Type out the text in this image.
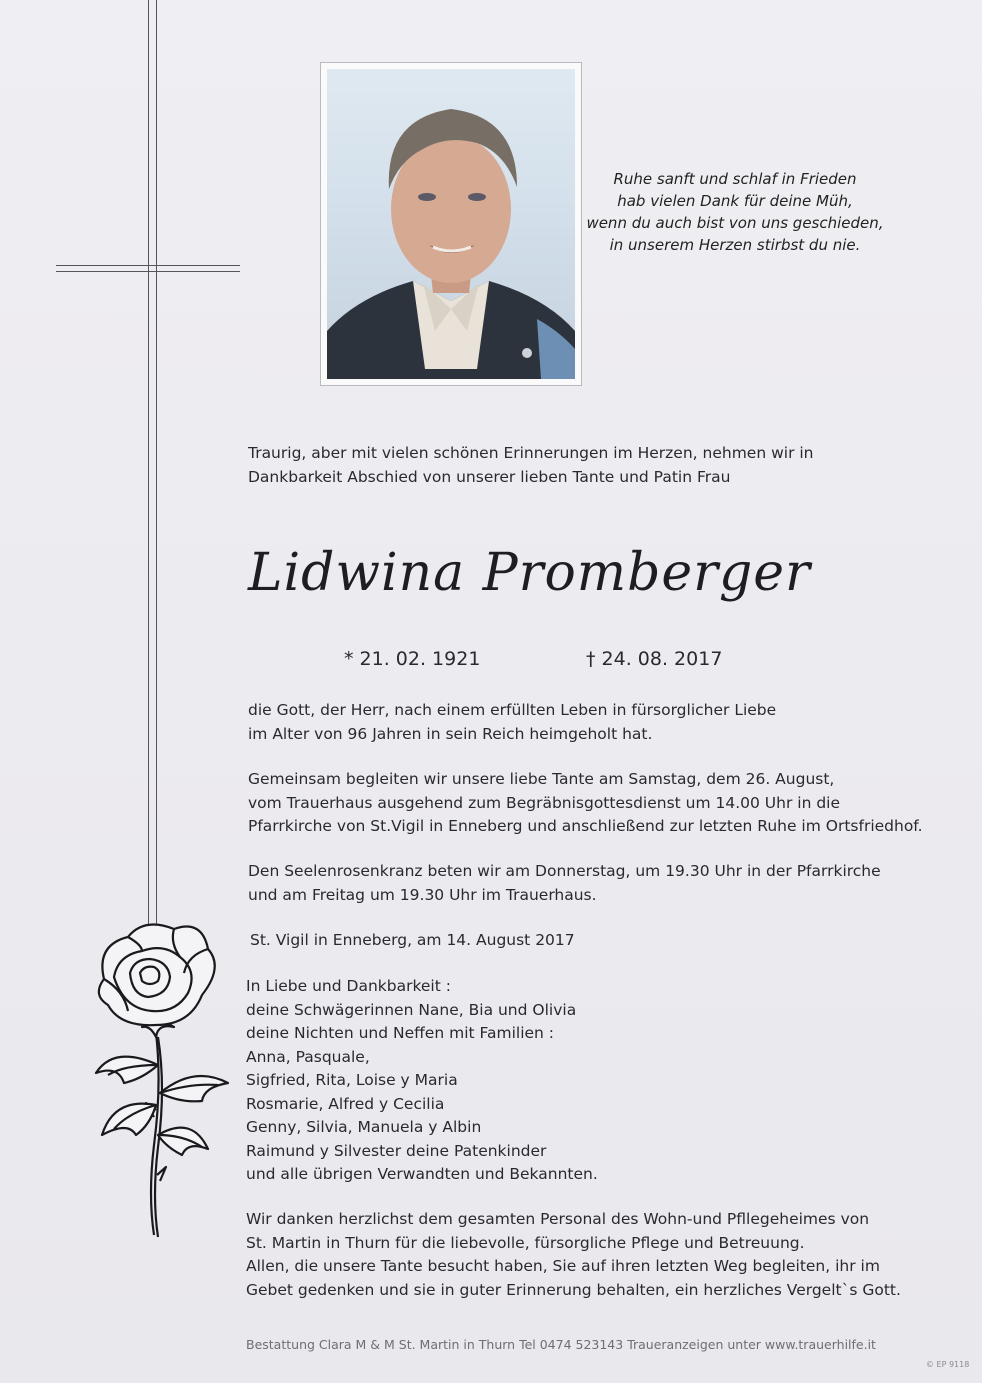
Ruhe sanft und schlaf in Frieden
hab vielen Dank für deine Müh,
wenn du auch bist von uns geschieden,
in unserem Herzen stirbst du nie.
Traurig, aber mit vielen schönen Erinnerungen im Herzen, nehmen wir in
Dankbarkeit Abschied von unserer lieben Tante und Patin Frau
Lidwina Promberger
* 21. 02. 1921	† 24. 08. 2017
die Gott, der Herr, nach einem erfüllten Leben in fürsorglicher Liebe
im Alter von 96 Jahren in sein Reich heimgeholt hat.
Gemeinsam begleiten wir unsere liebe Tante am Samstag, dem 26. August,
vom Trauerhaus ausgehend zum Begräbnisgottesdienst um 14.00 Uhr in die
Pfarrkirche von St.Vigil in Enneberg und anschließend zur letzten Ruhe im Ortsfriedhof.
Den Seelenrosenkranz beten wir am Donnerstag, um 19.30 Uhr in der Pfarrkirche
und am Freitag um 19.30 Uhr im Trauerhaus.
St. Vigil in Enneberg, am 14. August 2017
In Liebe und Dankbarkeit :
deine Schwägerinnen Nane, Bia und Olivia
deine Nichten und Neffen mit Familien :
Anna, Pasquale,
Sigfried, Rita, Loise y Maria
Rosmarie, Alfred y Cecilia
Genny, Silvia, Manuela y Albin
Raimund y Silvester deine Patenkinder
und alle übrigen Verwandten und Bekannten.
Wir danken herzlichst dem gesamten Personal des Wohn-und Pfllegeheimes von
St. Martin in Thurn für die liebevolle, fürsorgliche Pflege und Betreuung.
Allen, die unsere Tante besucht haben, Sie auf ihren letzten Weg begleiten, ihr im
Gebet gedenken und sie in guter Erinnerung behalten, ein herzliches Vergelt`s Gott.
Bestattung Clara M & M St. Martin in Thurn Tel 0474 523143 Traueranzeigen unter www.trauerhilfe.it
© EP 9118
